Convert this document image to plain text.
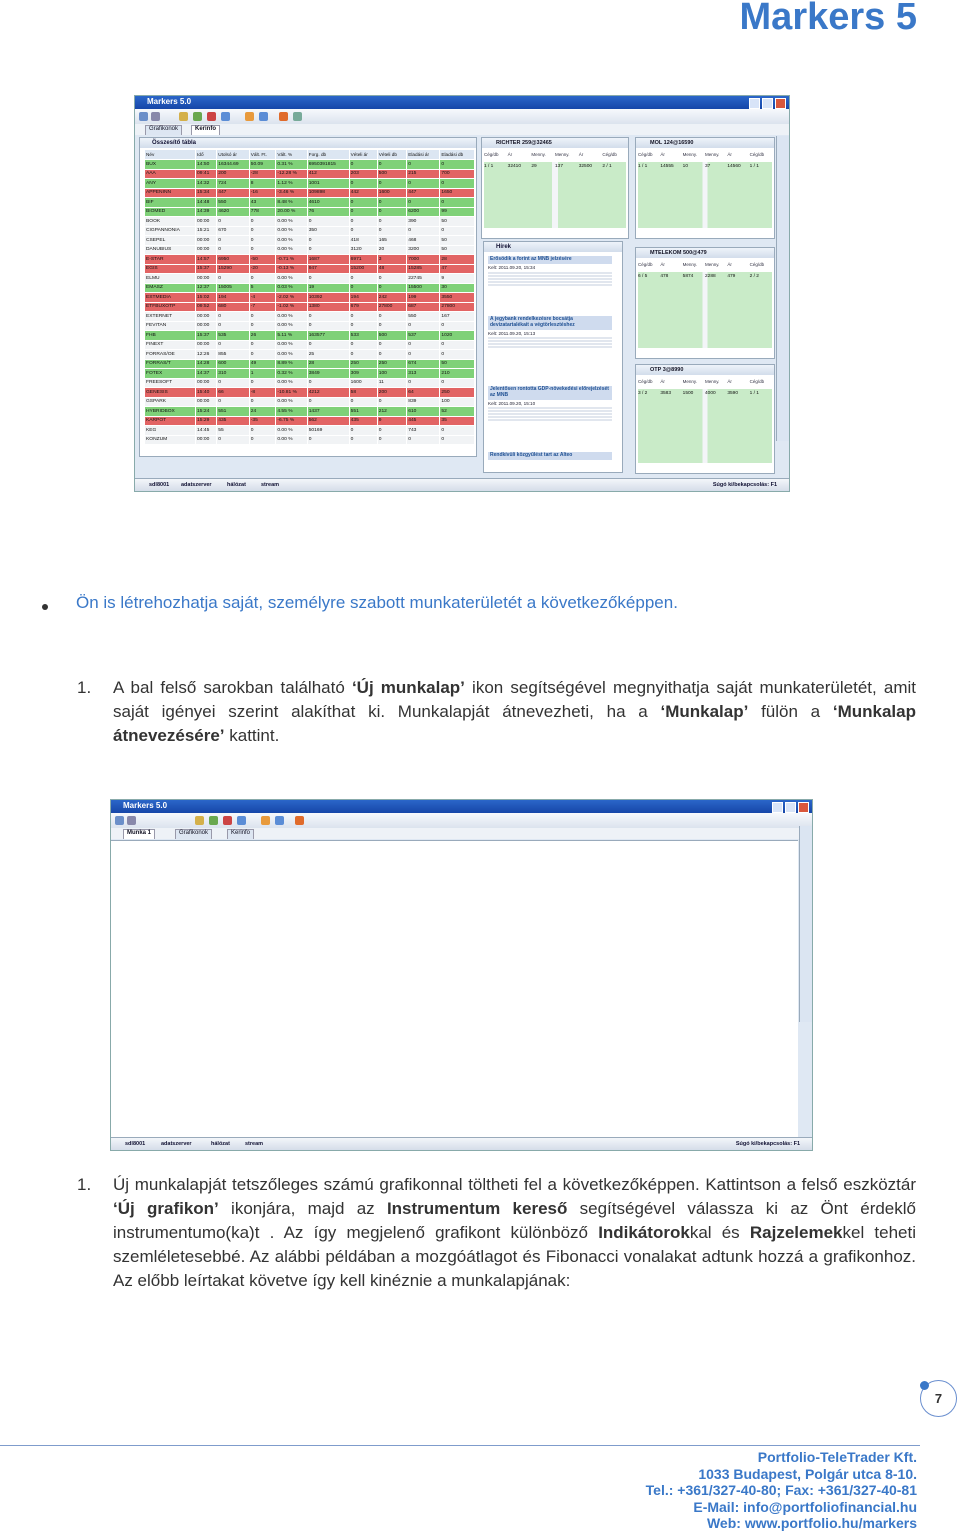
Markers 5
Markers 5.0
Grafikonok	Kerinfo
Összesítő tábla
Név	Idő	Utolsó ár	Vált. Ft.	Vált. %	Forg. db	Vételi ár	Vételi db	Eladási ár	Eladási db
BUX	14:50	16344.69	50.09	0.31 %	6950391815	0	0	0	0
AAA	09:41	200	-28	-12.28 %	412	203	500	215	700
ANY	14:32	724	8	1.12 %	1001	0	0	0	0
APPENINN	15:34	447	-16	-3.46 %	109898	442	1600	447	1650
BIF	14:48	550	43	8.48 %	4610	0	0	0	0
BIOMED	14:39	4620	778	20.00 %	76	0	0	6200	99
BOOK	00:00	0	0	0.00 %	0	0	0	390	50
CIGPANNONIA	15:21	670	0	0.00 %	350	0	0	0	0
CSEPEL	00:00	0	0	0.00 %	0	418	165	468	50
DANUBIUS	00:00	0	0	0.00 %	0	3120	20	3200	50
E-STAR	14:57	6950	-50	-0.71 %	1687	6971	3	7000	28
EGIS	15:37	15290	-20	-0.13 %	947	15200	48	15285	47
ELMU	00:00	0	0	0.00 %	0	0	0	22745	9
EMASZ	12:37	15005	5	0.03 %	19	0	0	15500	30
ESTMEDIA	15:02	194	-4	-2.02 %	10392	194	242	199	3550
ETFBUXOTP	09:52	680	-7	-1.02 %	1380	679	27800	687	27800
EXTERNET	00:00	0	0	0.00 %	0	0	0	550	167
FEVITAN	00:00	0	0	0.00 %	0	0	0	0	0
FHB	15:37	535	26	5.11 %	163577	533	500	537	1020
FINEXT	00:00	0	0	0.00 %	0	0	0	0	0
FORRAS/OE	12:26	855	0	0.00 %	25	0	0	0	0
FORRAS/T	14:28	600	49	8.89 %	28	250	250	674	50
FOTEX	14:37	310	1	0.32 %	3849	309	100	313	210
FREESOFT	00:00	0	0	0.00 %	0	1600	11	0	0
GENESIS	15:40	66	-8	-10.81 %	4212	58	200	64	250
GSPARK	00:00	0	0	0.00 %	0	0	0	839	100
HYBRIDBOX	15:24	551	24	4.55 %	1437	551	212	610	52
KARPOT	15:29	435	-35	-6.75 %	562	435	9	445	35
KEG	14:45	55	0	0.00 %	50169	0	0	743	0
KONZUM	00:00	0	0	0.00 %	0	0	0	0	0
RICHTER 259@32465
Cég/db	Ár	Menny.	Menny.	Ár	Cég/db
1 / 1	32410	29	137	32500	2 / 1
MOL 124@16590
Cég/db	Ár	Menny.	Menny.	Ár	Cég/db
1 / 1	14555	10	37	14560	1 / 1
MTELEKOM 500@479
Cég/db	Ár	Menny.	Menny.	Ár	Cég/db
6 / 5	478	5874	2288	479	2 / 2
OTP 3@8990
Cég/db	Ár	Menny.	Menny.	Ár	Cég/db
3 / 2	3583	1500	4000	3590	1 / 1
Hírek
Erősödik a forint az MNB jelzésére
Kelt: 2011.09.20, 15:34
A jegybank rendelkezésre bocsátja devizatartalékait a végtörlesztéshez
Kelt: 2011.09.20, 15:13
Jelentősen rontotta GDP-növekedési előrejelzését az MNB
Kelt: 2011.09.20, 15:10
Rendkívüli közgyűlést tart az Alteo
sdl8001 adatszerver	hálózat	stream	Súgó ki/bekapcsolás: F1
Ön is létrehozhatja saját, személyre szabott munkaterületét a következőképpen.
1. A bal felső sarokban található ‘Új munkalap’ ikon segítségével megnyithatja saját munkaterületét, amit saját igényei szerint alakíthat ki. Munkalapját átnevezheti, ha a ‘Munkalap’ fülön a ‘Munkalap átnevezésére’ kattint.
Markers 5.0
Munka 1	Grafikonok	Kerinfo
sdl8001	adatszerver	hálózat	stream	Súgó ki/bekapcsolás: F1
1. Új munkalapját tetszőleges számú grafikonnal töltheti fel a következőképpen. Kattintson a felső eszköztár ‘Új grafikon’ ikonjára, majd az Instrumentum kereső segítségével válassza ki az Önt érdeklő instrumentumo(ka)t . Az így megjelenő grafikont különböző Indikátorokkal és Rajzelemekkel teheti szemléletesebbé. Az alábbi példában a mozgóátlagot és Fibonacci vonalakat adtunk hozzá a grafikonhoz. Az előbb leírtakat követve így kell kinéznie a munkalapjának:
7
Portfolio-TeleTrader Kft.
1033 Budapest, Polgár utca 8-10.
Tel.: +361/327-40-80; Fax: +361/327-40-81
E-Mail: info@portfoliofinancial.hu
Web: www.portfolio.hu/markers
